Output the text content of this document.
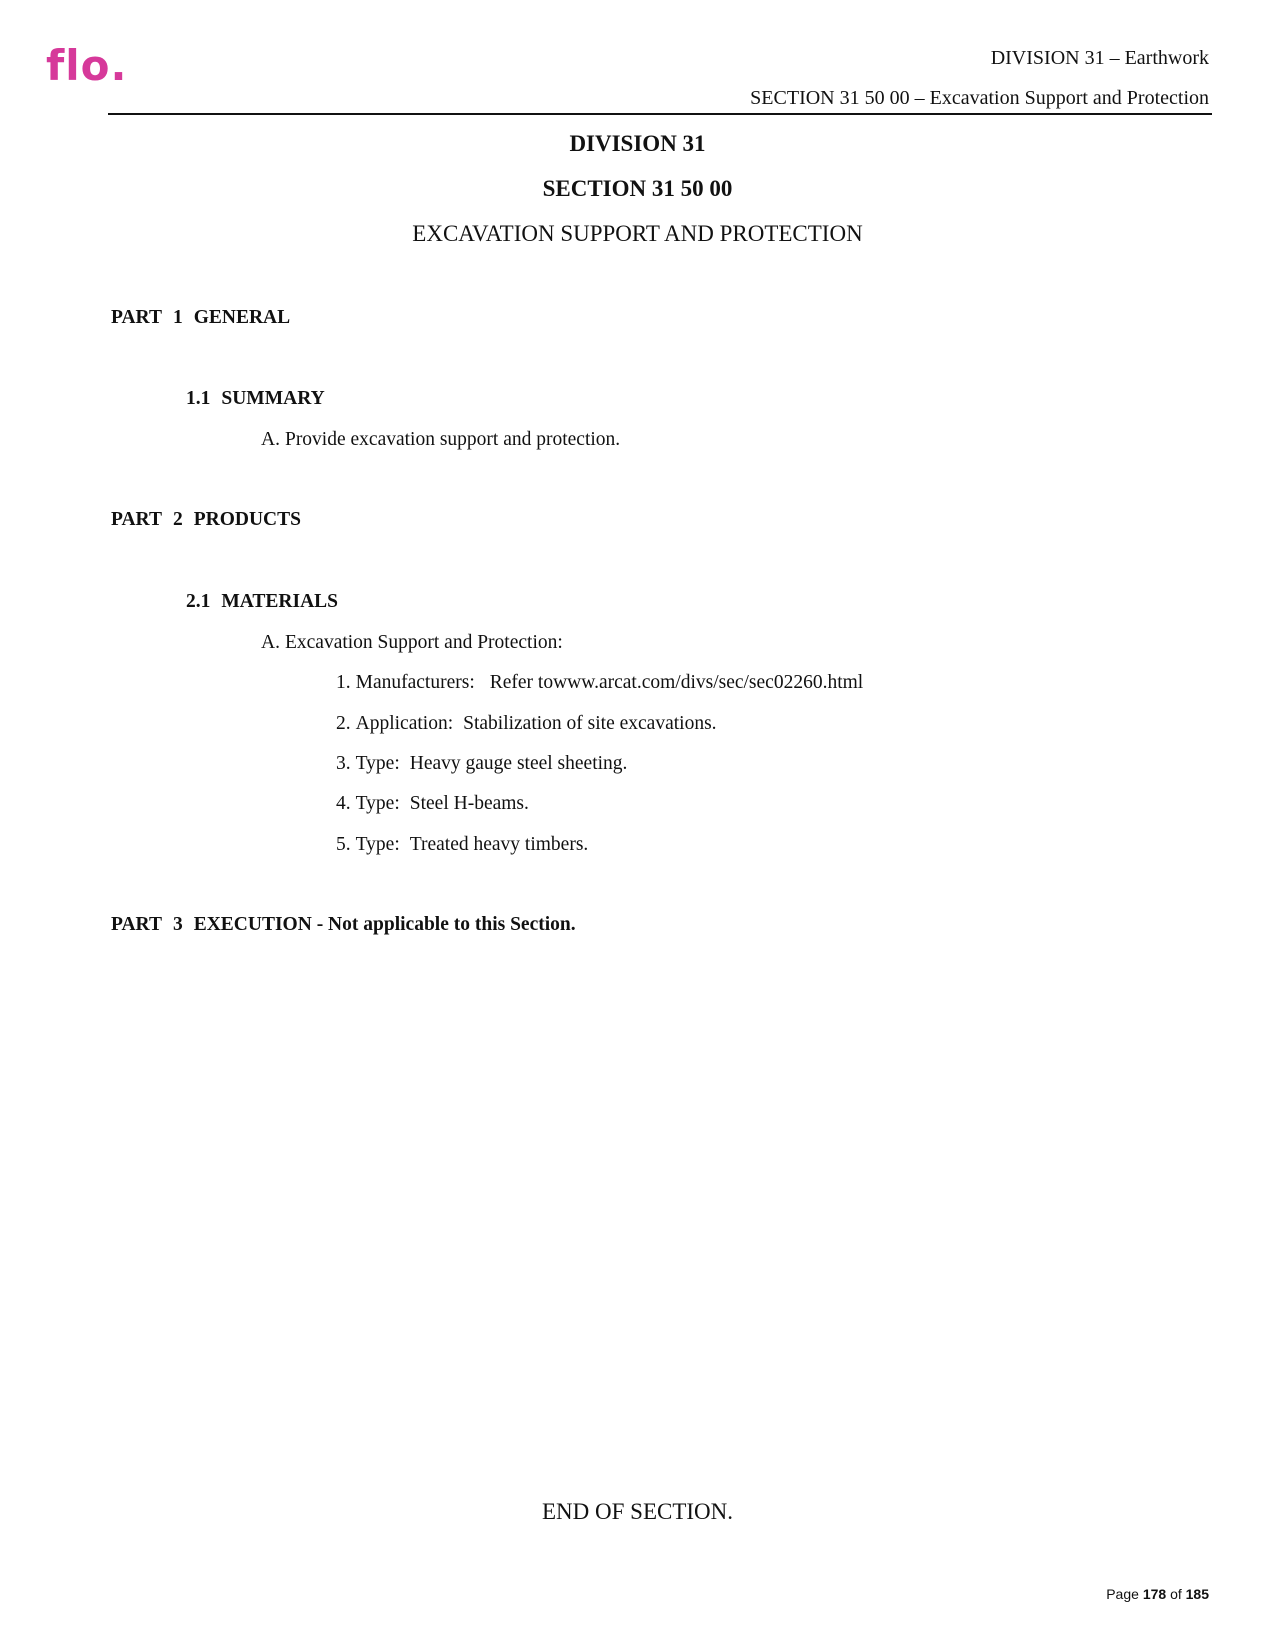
flo.	DIVISION 31 – Earthwork
SECTION 31 50 00 – Excavation Support and Protection
DIVISION 31
SECTION 31 50 00
EXCAVATION SUPPORT AND PROTECTION
PART 1 GENERAL
1.1 SUMMARY
A. Provide excavation support and protection.
PART 2 PRODUCTS
2.1 MATERIALS
A. Excavation Support and Protection:
1. Manufacturers: Refer towww.arcat.com/divs/sec/sec02260.html
2. Application: Stabilization of site excavations.
3. Type: Heavy gauge steel sheeting.
4. Type: Steel H-beams.
5. Type: Treated heavy timbers.
PART 3 EXECUTION - Not applicable to this Section.
END OF SECTION.
Page 178 of 185
